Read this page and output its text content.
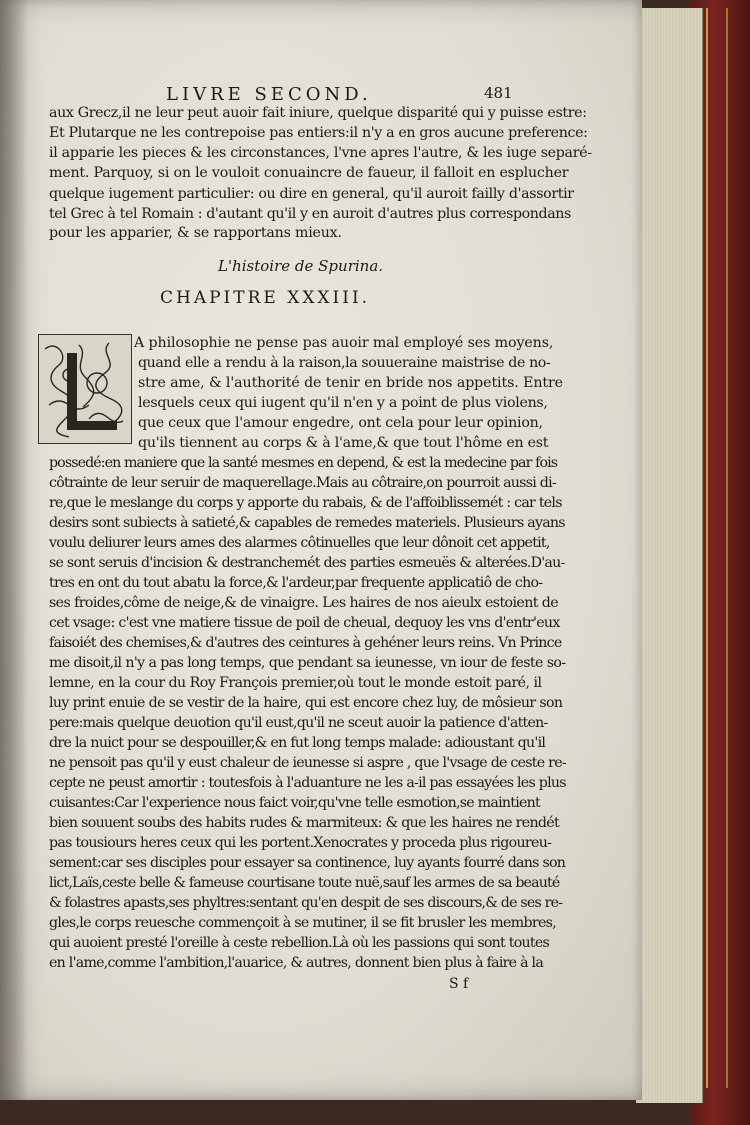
LIVRE SECOND.	481
aux Grecz,il ne leur peut auoir fait iniure, quelque disparité qui y puisse estre:
Et Plutarque ne les contrepoise pas entiers:il n'y a en gros aucune preference:
il apparie les pieces & les circonstances, l'vne apres l'autre, & les iuge separé-
ment. Parquoy, si on le vouloit conuaincre de faueur, il falloit en esplucher
quelque iugement particulier: ou dire en general, qu'il auroit failly d'assortir
tel Grec à tel Romain : d'autant qu'il y en auroit d'autres plus correspondans
pour les apparier, & se rapportans mieux.
L'histoire de Spurina.
CHAPITRE XXXIII.
L
A philosophie ne pense pas auoir mal employé ses moyens,
quand elle a rendu à la raison,la souueraine maistrise de no-
stre ame, & l'authorité de tenir en bride nos appetits. Entre
lesquels ceux qui iugent qu'il n'en y a point de plus violens,
que ceux que l'amour engedre, ont cela pour leur opinion,
qu'ils tiennent au corps & à l'ame,& que tout l'hôme en est
possedé:en maniere que la santé mesmes en depend, & est la medecine par fois
côtrainte de leur seruir de maquerellage.Mais au côtraire,on pourroit aussi di-
re,que le meslange du corps y apporte du rabais, & de l'affoiblissemét : car tels
desirs sont subiects à satieté,& capables de remedes materiels. Plusieurs ayans
voulu deliurer leurs ames des alarmes côtinuelles que leur dônoit cet appetit,
se sont seruis d'incision & destranchemét des parties esmeuës & alterées.D'au-
tres en ont du tout abatu la force,& l'ardeur,par frequente applicatiô de cho-
ses froides,côme de neige,& de vinaigre. Les haires de nos aieulx estoient de
cet vsage: c'est vne matiere tissue de poil de cheual, dequoy les vns d'entr'eux
faisoiét des chemises,& d'autres des ceintures à gehéner leurs reins. Vn Prince
me disoit,il n'y a pas long temps, que pendant sa ieunesse, vn iour de feste so-
lemne, en la cour du Roy François premier,où tout le monde estoit paré, il
luy print enuie de se vestir de la haire, qui est encore chez luy, de môsieur son
pere:mais quelque deuotion qu'il eust,qu'il ne sceut auoir la patience d'atten-
dre la nuict pour se despouiller,& en fut long temps malade: adioustant qu'il
ne pensoit pas qu'il y eust chaleur de ieunesse si aspre , que l'vsage de ceste re-
cepte ne peust amortir : toutesfois à l'aduanture ne les a-il pas essayées les plus
cuisantes:Car l'experience nous faict voir,qu'vne telle esmotion,se maintient
bien souuent soubs des habits rudes & marmiteux: & que les haires ne rendét
pas tousiours heres ceux qui les portent.Xenocrates y proceda plus rigoureu-
sement:car ses disciples pour essayer sa continence, luy ayants fourré dans son
lict,Laïs,ceste belle & fameuse courtisane toute nuë,sauf les armes de sa beauté
& folastres apasts,ses phyltres:sentant qu'en despit de ses discours,& de ses re-
gles,le corps reuesche commençoit à se mutiner, il se fit brusler les membres,
qui auoient presté l'oreille à ceste rebellion.Là où les passions qui sont toutes
en l'ame,comme l'ambition,l'auarice, & autres, donnent bien plus à faire à la
S f
